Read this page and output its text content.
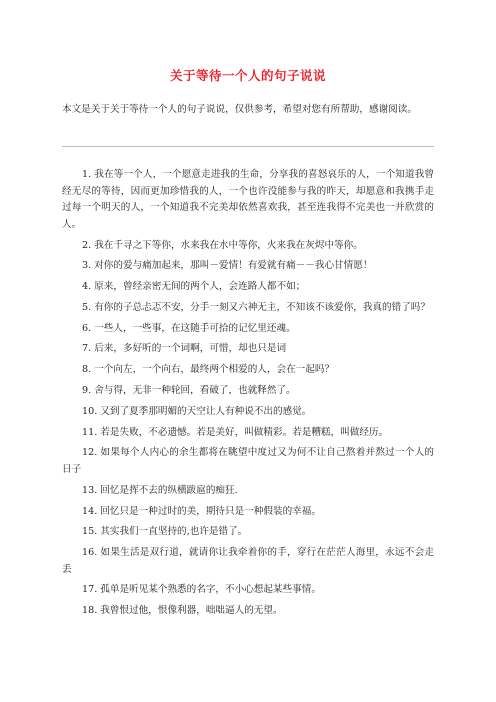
关于等待一个人的句子说说
本文是关于关于等待一个人的句子说说，仅供参考，希望对您有所帮助，感谢阅读。
1. 我在等一个人，一个愿意走进我的生命，分享我的喜怒哀乐的人，一个知道我曾经无尽的等待，因而更加珍惜我的人，一个也许没能参与我的昨天，却愿意和我携手走过每一个明天的人，一个知道我不完美却依然喜欢我，甚至连我得不完美也一并欣赏的人。
2. 我在千寻之下等你，水来我在水中等你，火来我在灰烬中等你。
3. 对你的爱与痛加起来，那叫－爱情！有爱就有痛－－我心甘情愿！
4. 原来，曾经亲密无间的两个人，会连路人都不如；
5. 有你的子总忐忑不安，分手一刻又六神无主，不知该不该爱你，我真的错了吗？
6. 一些人，一些事，在这随手可拾的记忆里还魂。
7. 后来，多好听的一个词啊，可惜，却也只是词
8. 一个向左，一个向右，最终两个相爱的人，会在一起吗？
9. 舍与得，无非一种轮回，看破了，也就释然了。
10. 又到了夏季那明媚的天空让人有种说不出的感觉。
11. 若是失败，不必遗憾。若是美好，叫做精彩。若是糟糕，叫做经历。
12. 如果每个人内心的余生都将在眺望中度过又为何不让自己熬着并熬过一个人的日子
13. 回忆是挥不去的纵横跋扈的痴狂.
14. 回忆只是一种过时的美，期待只是一种假装的幸福。
15. 其实我们一直坚持的,也许是错了。
16. 如果生活是双行道，就请你让我牵着你的手，穿行在茫茫人海里，永远不会走丢
17. 孤单是听见某个熟悉的名字，不小心想起某些事情。
18. 我曾恨过他，恨像利器，咄咄逼人的无望。
